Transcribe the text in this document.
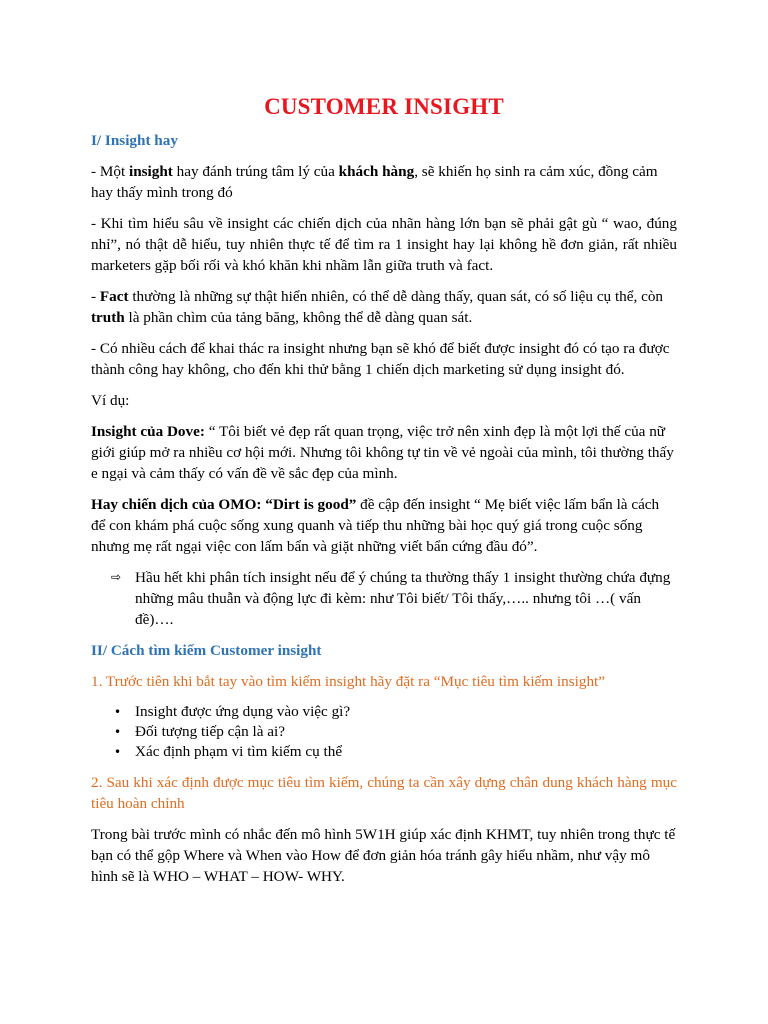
CUSTOMER INSIGHT
I/ Insight hay

- Một insight hay đánh trúng tâm lý của khách hàng, sẽ khiến họ sinh ra cảm xúc, đồng cảm hay thấy mình trong đó

- Khi tìm hiểu sâu về insight các chiến dịch của nhãn hàng lớn bạn sẽ phải gật gù “ wao, đúng nhỉ”, nó thật dễ hiểu, tuy nhiên thực tế để tìm ra 1 insight hay lại không hề đơn giản, rất nhiều marketers gặp bối rối và khó khăn khi nhầm lẫn giữa truth và fact.

- Fact thường là những sự thật hiển nhiên, có thể dễ dàng thấy, quan sát, có số liệu cụ thể, còn truth là phần chìm của tảng băng, không thể dễ dàng quan sát.

- Có nhiều cách để khai thác ra insight nhưng bạn sẽ khó để biết được insight đó có tạo ra được thành công hay không, cho đến khi thử bằng 1 chiến dịch marketing sử dụng insight đó.

Ví dụ:

Insight của Dove: “ Tôi biết vẻ đẹp rất quan trọng, việc trở nên xinh đẹp là một lợi thế của nữ giới giúp mở ra nhiều cơ hội mới. Nhưng tôi không tự tin về vẻ ngoài của mình, tôi thường thấy e ngại và cảm thấy có vấn đề về sắc đẹp của mình.

Hay chiến dịch của OMO: “Dirt is good” đề cập đến insight “ Mẹ biết việc lấm bẩn là cách để con khám phá cuộc sống xung quanh và tiếp thu những bài học quý giá trong cuộc sống nhưng mẹ rất ngại việc con lấm bẩn và giặt những viết bẩn cứng đầu đó”.

⇨ Hầu hết khi phân tích insight nếu để ý chúng ta thường thấy 1 insight thường chứa đựng những mâu thuẫn và động lực đi kèm: như Tôi biết/ Tôi thấy,….. nhưng tôi …( vấn đề)….
II/ Cách tìm kiếm Customer insight
1. Trước tiên khi bắt tay vào tìm kiếm insight hãy đặt ra “Mục tiêu tìm kiếm insight”
• Insight được ứng dụng vào việc gì?
• Đối tượng tiếp cận là ai?
• Xác định phạm vi tìm kiếm cụ thể
2. Sau khi xác định được mục tiêu tìm kiếm, chúng ta cần xây dựng chân dung khách hàng mục tiêu hoàn chỉnh

Trong bài trước mình có nhắc đến mô hình 5W1H giúp xác định KHMT, tuy nhiên trong thực tế bạn có thể gộp Where và When vào How để đơn giản hóa tránh gây hiểu nhầm, như vậy mô hình sẽ là WHO – WHAT – HOW- WHY.
